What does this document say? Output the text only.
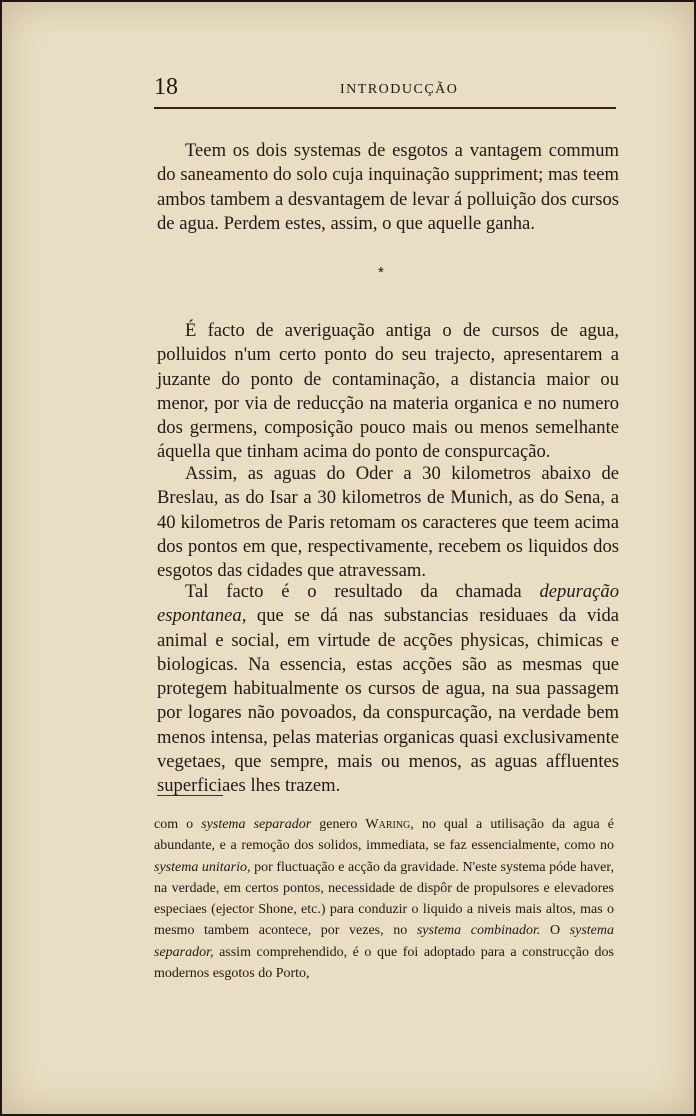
18	INTRODUCÇÃO

Teem os dois systemas de esgotos a vantagem commum do saneamento do solo cuja inquinação suppriment; mas teem ambos tambem a desvantagem de levar á polluição dos cursos de agua. Perdem estes, assim, o que aquelle ganha.

*

É facto de averiguação antiga o de cursos de agua, polluidos n'um certo ponto do seu trajecto, apresentarem a juzante do ponto de contaminação, a distancia maior ou menor, por via de reducção na materia organica e no numero dos germens, composição pouco mais ou menos semelhante áquella que tinham acima do ponto de conspurcação.

Assim, as aguas do Oder a 30 kilometros abaixo de Breslau, as do Isar a 30 kilometros de Munich, as do Sena, a 40 kilometros de Paris retomam os caracteres que teem acima dos pontos em que, respectivamente, recebem os liquidos dos esgotos das cidades que atravessam.

Tal facto é o resultado da chamada depuração espontanea, que se dá nas substancias residuaes da vida animal e social, em virtude de acções physicas, chimicas e biologicas. Na essencia, estas acções são as mesmas que protegem habitualmente os cursos de agua, na sua passagem por logares não povoados, da conspurcação, na verdade bem menos intensa, pelas materias organicas quasi exclusivamente vegetaes, que sempre, mais ou menos, as aguas affluentes superficiaes lhes trazem.

com o systema separador genero Waring, no qual a utilisação da agua é abundante, e a remoção dos solidos, immediata, se faz essencialmente, como no systema unitario, por fluctuação e acção da gravidade. N'este systema póde haver, na verdade, em certos pontos, necessidade de dispôr de propulsores e elevadores especiaes (ejector Shone, etc.) para conduzir o liquido a niveis mais altos, mas o mesmo tambem acontece, por vezes, no systema combinador. O systema separador, assim comprehendido, é o que foi adoptado para a construcção dos modernos esgotos do Porto,
